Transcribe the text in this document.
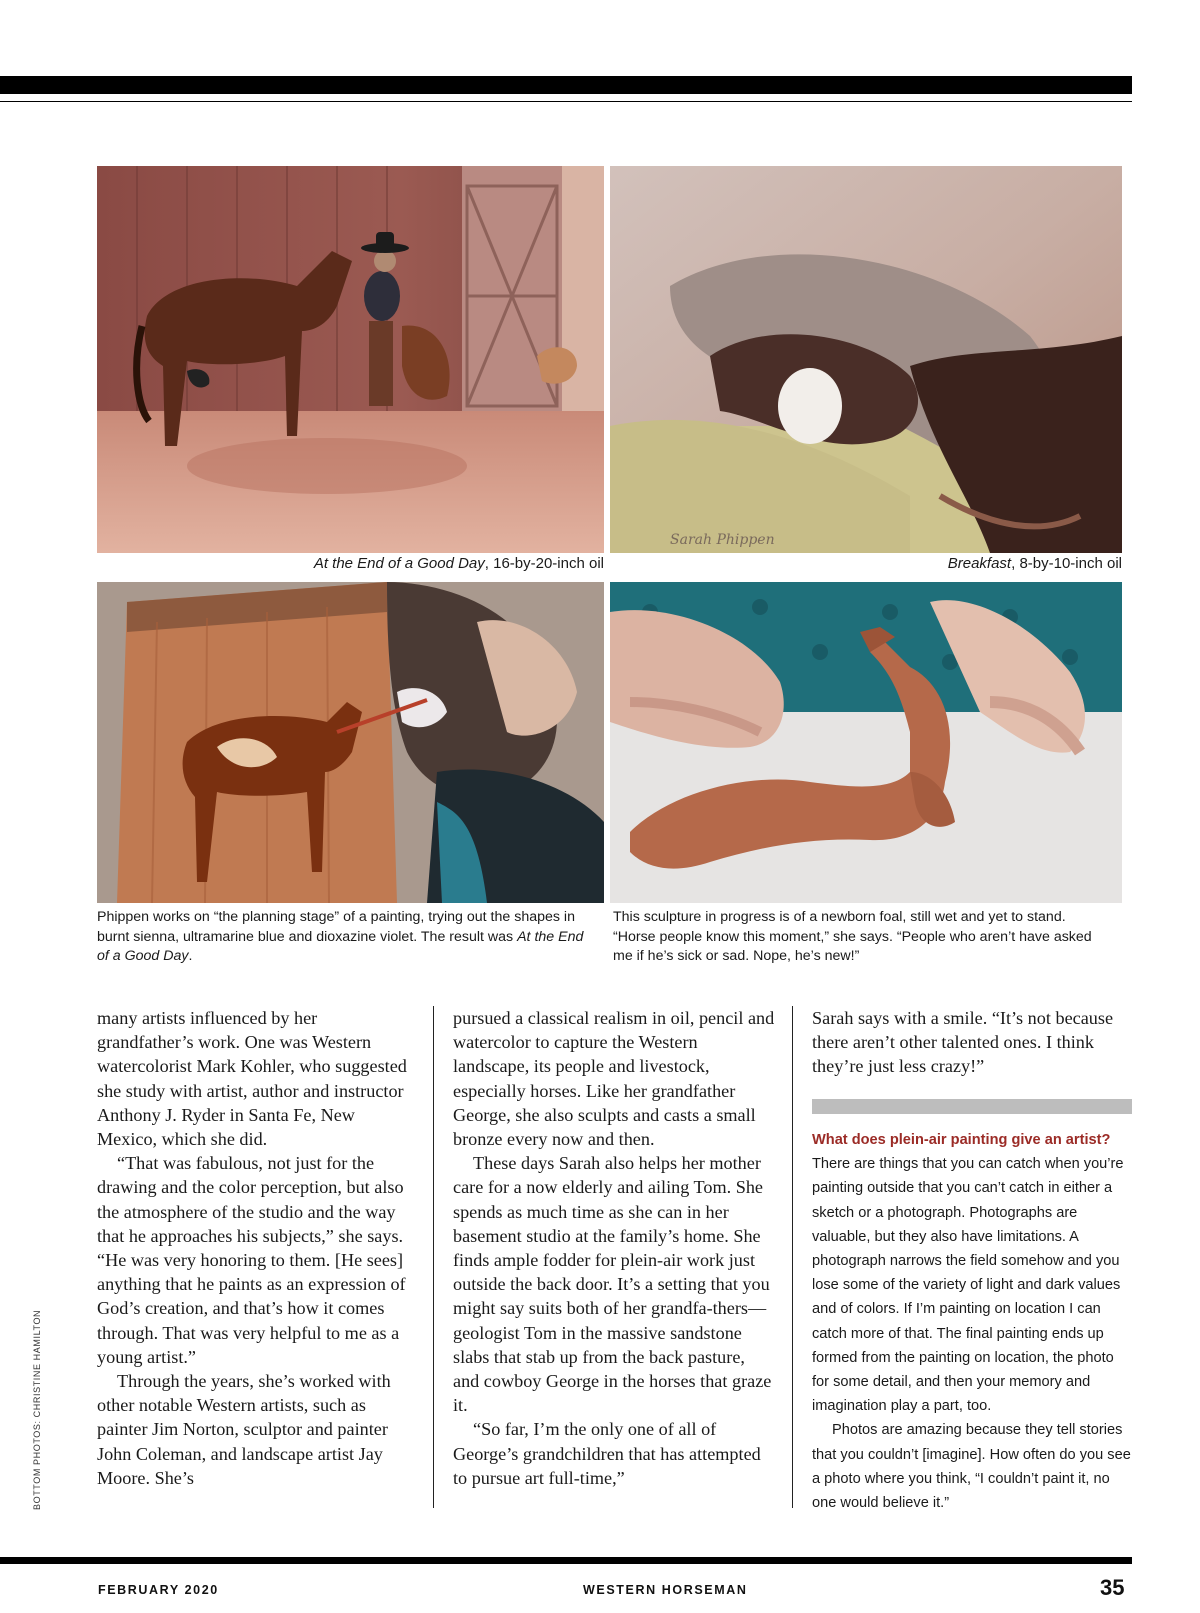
Sarah Phippen
At the End of a Good Day, 16-by-20-inch oil	Breakfast, 8-by-10-inch oil
Phippen works on “the planning stage” of a painting, trying out the shapes in burnt sienna, ultramarine blue and dioxazine violet. The result was At the End of a Good Day.
This sculpture in progress is of a newborn foal, still wet and yet to stand. “Horse people know this moment,” she says. “People who aren’t have asked me if he’s sick or sad. Nope, he’s new!”

many artists influenced by her grandfather’s work. One was Western watercolorist Mark Kohler, who suggested she study with artist, author and instructor Anthony J. Ryder in Santa Fe, New Mexico, which she did.

“That was fabulous, not just for the drawing and the color perception, but also the atmosphere of the studio and the way that he approaches his subjects,” she says. “He was very honoring to them. [He sees] anything that he paints as an expression of God’s creation, and that’s how it comes through. That was very helpful to me as a young artist.”

Through the years, she’s worked with other notable Western artists, such as painter Jim Norton, sculptor and painter John Coleman, and landscape artist Jay Moore. She’s

pursued a classical realism in oil, pencil and watercolor to capture the Western landscape, its people and livestock, especially horses. Like her grandfather George, she also sculpts and casts a small bronze every now and then.

These days Sarah also helps her mother care for a now elderly and ailing Tom. She spends as much time as she can in her basement studio at the family’s home. She finds ample fodder for plein-air work just outside the back door. It’s a setting that you might say suits both of her grandfa-thers—geologist Tom in the massive sandstone slabs that stab up from the back pasture, and cowboy George in the horses that graze it.

“So far, I’m the only one of all of George’s grandchildren that has attempted to pursue art full-time,”

Sarah says with a smile. “It’s not because there aren’t other talented ones. I think they’re just less crazy!”

What does plein-air painting give an artist?

There are things that you can catch when you’re painting outside that you can’t catch in either a sketch or a photograph. Photographs are valuable, but they also have limitations. A photograph narrows the field somehow and you lose some of the variety of light and dark values and of colors. If I’m painting on location I can catch more of that. The final painting ends up formed from the painting on location, the photo for some detail, and then your memory and imagination play a part, too.

Photos are amazing because they tell stories that you couldn’t [imagine]. How often do you see a photo where you think, “I couldn’t paint it, no one would believe it.”

BOTTOM PHOTOS: CHRISTINE HAMILTON
FEBRUARY 2020	WESTERN HORSEMAN	35
